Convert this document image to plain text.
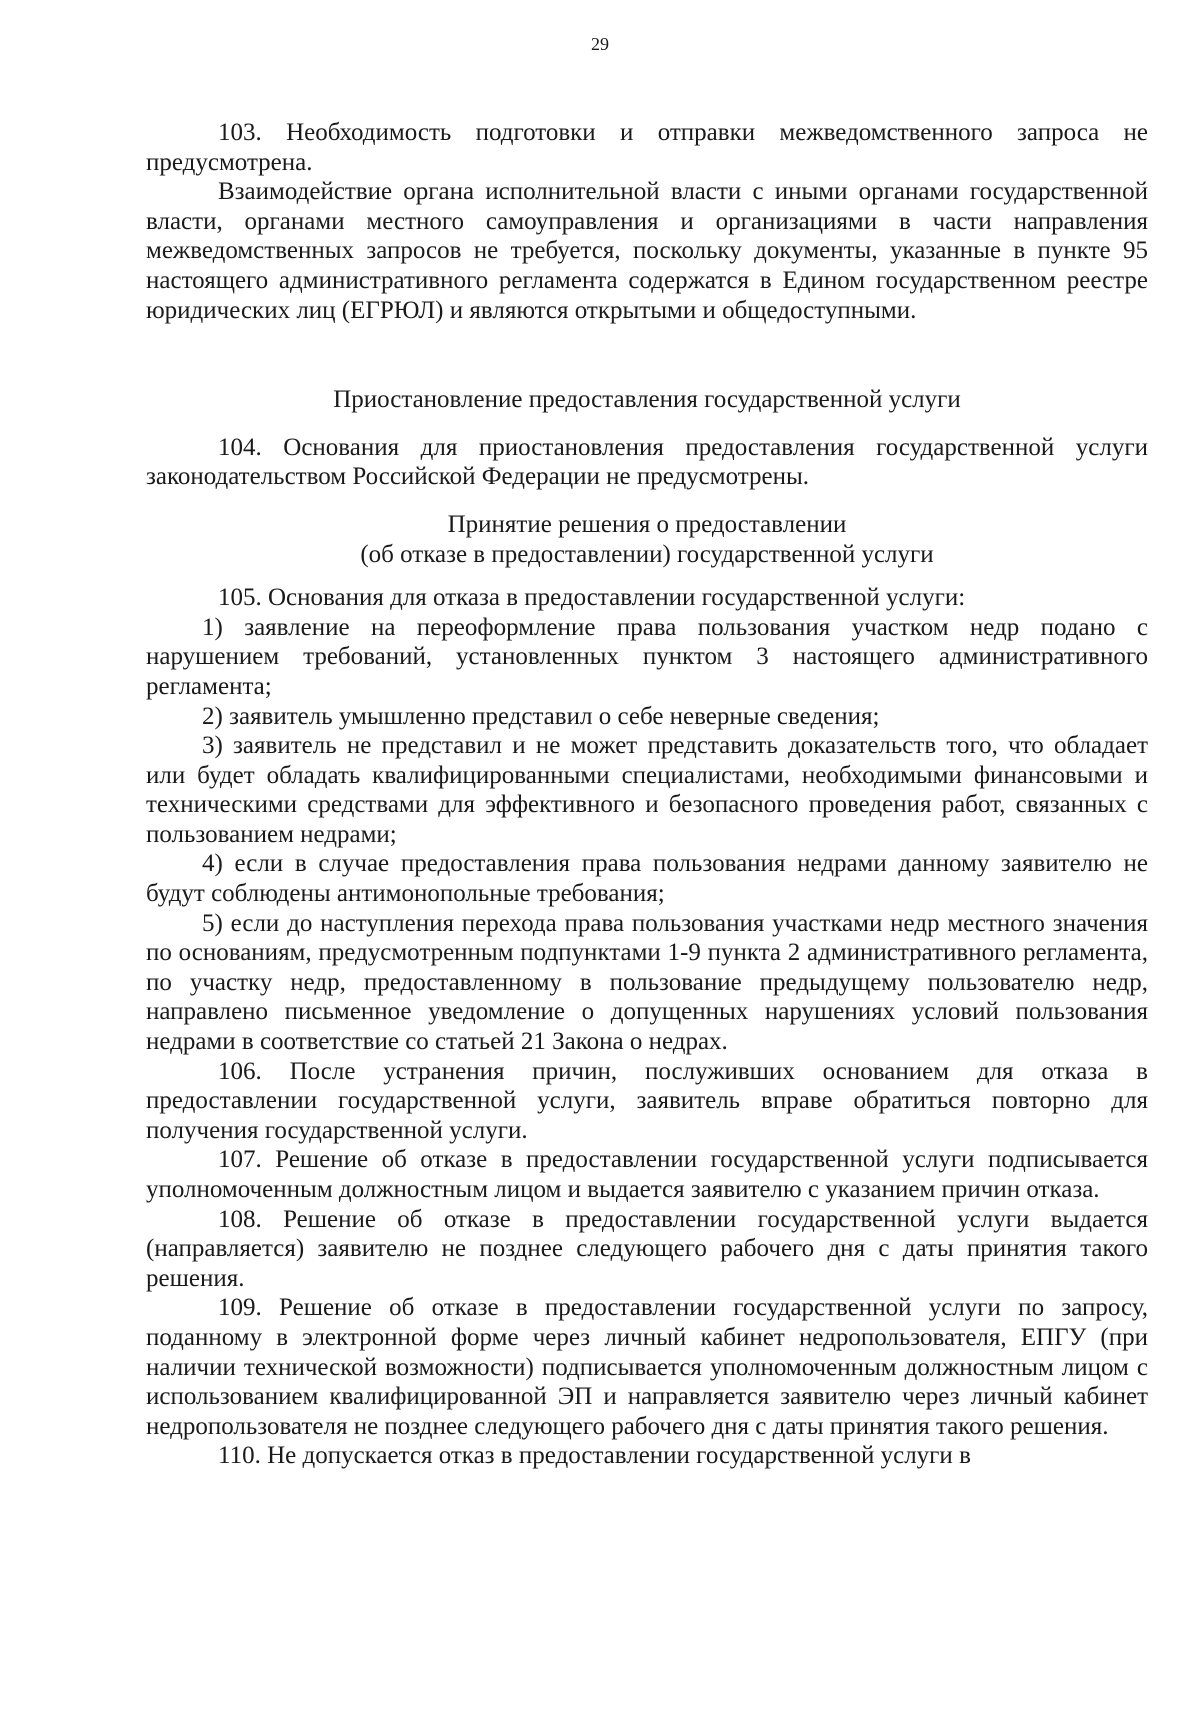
29

103. Необходимость подготовки и отправки межведомственного запроса не предусмотрена.

Взаимодействие органа исполнительной власти с иными органами государственной власти, органами местного самоуправления и организациями в части направления межведомственных запросов не требуется, поскольку документы, указанные в пункте 95 настоящего административного регламента содержатся в Едином государственном реестре юридических лиц (ЕГРЮЛ) и являются открытыми и общедоступными.

Приостановление предоставления государственной услуги

104. Основания для приостановления предоставления государственной услуги законодательством Российской Федерации не предусмотрены.

Принятие решения о предоставлении
(об отказе в предоставлении) государственной услуги

105. Основания для отказа в предоставлении государственной услуги:

1) заявление на переоформление права пользования участком недр подано с нарушением требований, установленных пунктом 3 настоящего административного регламента;

2) заявитель умышленно представил о себе неверные сведения;

3) заявитель не представил и не может представить доказательств того, что обладает или будет обладать квалифицированными специалистами, необходимыми финансовыми и техническими средствами для эффективного и безопасного проведения работ, связанных с пользованием недрами;

4) если в случае предоставления права пользования недрами данному заявителю не будут соблюдены антимонопольные требования;

5) если до наступления перехода права пользования участками недр местного значения по основаниям, предусмотренным подпунктами 1-9 пункта 2 административного регламента, по участку недр, предоставленному в пользование предыдущему пользователю недр, направлено письменное уведомление о допущенных нарушениях условий пользования недрами в соответствие со статьей 21 Закона о недрах.

106. После устранения причин, послуживших основанием для отказа в предоставлении государственной услуги, заявитель вправе обратиться повторно для получения государственной услуги.

107. Решение об отказе в предоставлении государственной услуги подписывается уполномоченным должностным лицом и выдается заявителю с указанием причин отказа.

108. Решение об отказе в предоставлении государственной услуги выдается (направляется) заявителю не позднее следующего рабочего дня с даты принятия такого решения.

109. Решение об отказе в предоставлении государственной услуги по запросу, поданному в электронной форме через личный кабинет недропользователя, ЕПГУ (при наличии технической возможности) подписывается уполномоченным должностным лицом с использованием квалифицированной ЭП и направляется заявителю через личный кабинет недропользователя не позднее следующего рабочего дня с даты принятия такого решения.

110. Не допускается отказ в предоставлении государственной услуги в
